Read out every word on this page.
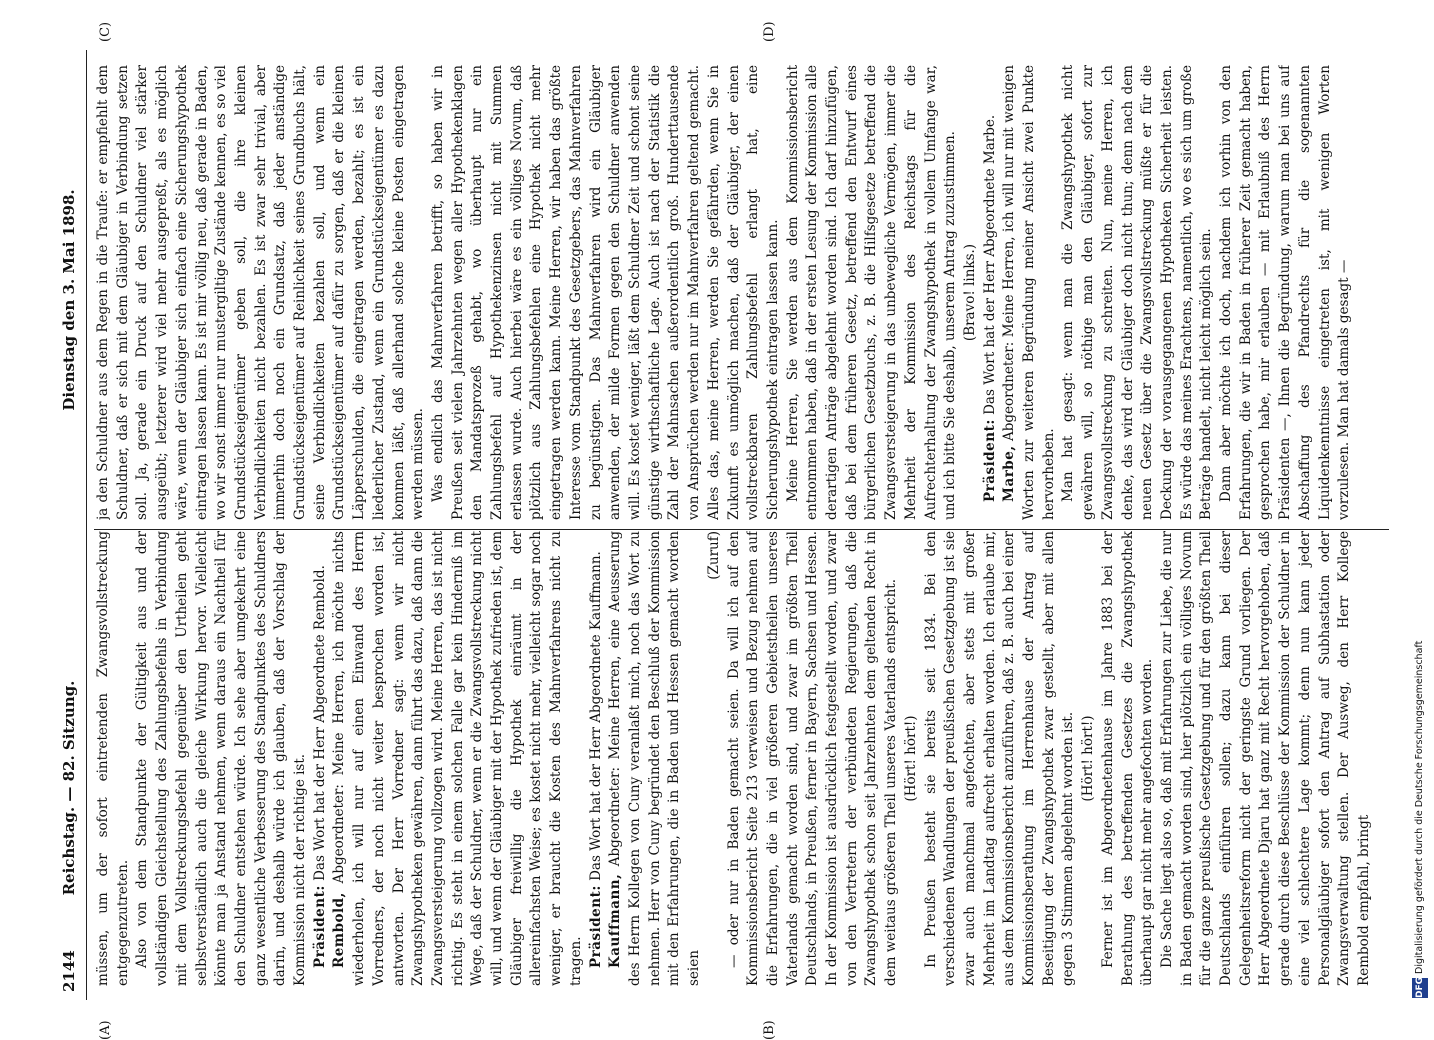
2144
Reichstag. — 82. Sitzung.
Dienstag den 3. Mai 1898.
(A)	(B)
(C)	(D)

müssen, um der sofort eintretenden Zwangsvollstreckung entgegenzutreten. Also von dem Standpunkte der Gültigkeit aus und der vollständigen Gleichstellung des Zahlungsbefehls in Verbindung mit dem Vollstreckungsbefehl gegenüber den Urtheilen geht selbstverständlich auch die gleiche Wirkung hervor. Vielleicht könnte man ja Anstand nehmen, wenn daraus ein Nachtheil für den Schuldner entstehen würde. Ich sehe aber umgekehrt eine ganz wesentliche Verbesserung des Standpunktes des Schuldners darin, und deshalb würde ich glauben, daß der Vorschlag der Kommission nicht der richtige ist. Präsident: Das Wort hat der Herr Abgeordnete Rembold.

Rembold, Abgeordneter: Meine Herren, ich möchte nichts wiederholen, ich will nur auf einen Einwand des Herrn Vorredners, der noch nicht weiter besprochen worden ist, antworten. Der Herr Vorredner sagt: wenn wir nicht Zwangshypotheken gewähren, dann führt das dazu, daß dann die Zwangsversteigerung vollzogen wird. Meine Herren, das ist nicht richtig. Es steht in einem solchen Falle gar kein Hinderniß im Wege, daß der Schuldner, wenn er die Zwangsvollstreckung nicht will, und wenn der Gläubiger mit der Hypothek zufrieden ist, dem Gläubiger freiwillig die Hypothek einräumt in der allereinfachsten Weise; es kostet nicht mehr, vielleicht sogar noch weniger, er braucht die Kosten des Mahnverfahrens nicht zu tragen. Präsident: Das Wort hat der Herr Abgeordnete Kauffmann.

Kauffmann, Abgeordneter: Meine Herren, eine Aeusserung des Herrn Kollegen von Cuny veranlaßt mich, noch das Wort zu nehmen. Herr von Cuny begründet den Beschluß der Kommission mit den Erfahrungen, die in Baden und Hessen gemacht worden seien

(Zuruf) — oder nur in Baden gemacht seien. Da will ich auf den Kommissionsbericht Seite 213 verweisen und Bezug nehmen auf die Erfahrungen, die in viel größeren Gebietstheilen unseres Vaterlands gemacht worden sind, und zwar im größten Theil Deutschlands, in Preußen, ferner in Bayern, Sachsen und Hessen. In der Kommission ist ausdrücklich festgestellt worden, und zwar von den Vertretern der verbündeten Regierungen, daß die Zwangshypothek schon seit Jahrzehnten dem geltenden Recht in dem weitaus größeren Theil unseres Vaterlands entspricht. (Hört! hört!) In Preußen besteht sie bereits seit 1834. Bei den verschiedenen Wandlungen der preußischen Gesetzgebung ist sie zwar auch manchmal angefochten, aber stets mit großer Mehrheit im Landtag aufrecht erhalten worden. Ich erlaube mir, aus dem Kommissionsbericht anzuführen, daß z. B. auch bei einer Kommissionsberathung im Herrenhause der Antrag auf Beseitigung der Zwangshypothek zwar gestellt, aber mit allen gegen 3 Stimmen abgelehnt worden ist. (Hört! hört!) Ferner ist im Abgeordnetenhause im Jahre 1883 bei der Berathung des betreffenden Gesetzes die Zwangshypothek überhaupt gar nicht mehr angefochten worden. Die Sache liegt also so, daß mit Erfahrungen zur Liebe, die nur in Baden gemacht worden sind, hier plötzlich ein völliges Novum für die ganze preußische Gesetzgebung und für den größten Theil Deutschlands einführen sollen; dazu kann bei dieser Gelegenheitsreform nicht der geringste Grund vorliegen. Der Herr Abgeordnete Djaru hat ganz mit Recht hervorgehoben, daß gerade durch diese Beschlüsse der Kommission der Schuldner in eine viel schlechtere Lage kommt; denn nun kann jeder Personalgläubiger sofort den Antrag auf Subhastation oder Zwangsverwaltung stellen. Der Ausweg, den Herr Kollege Rembold empfahl, bringt

ja den Schuldner aus dem Regen in die Traufe: er empfiehlt dem Schuldner, daß er sich mit dem Gläubiger in Verbindung setzen soll. Ja, gerade ein Druck auf den Schuldner viel stärker ausgeübt; letzterer wird viel mehr ausgepreßt, als es möglich wäre, wenn der Gläubiger sich einfach eine Sicherungshypothek eintragen lassen kann. Es ist mir völlig neu, daß gerade in Baden, wo wir sonst immer nur mustergiltige Zustände kennen, es so viel Grundstückseigentümer geben soll, die ihre kleinen Verbindlichkeiten nicht bezahlen. Es ist zwar sehr trivial, aber immerhin doch noch ein Grundsatz, daß jeder anständige Grundstückseigentümer auf Reinlichkeit seines Grundbuchs hält, seine Verbindlichkeiten bezahlen soll, und wenn ein Grundstückseigentümer auf dafür zu sorgen, daß er die kleinen Läpperschulden, die eingetragen werden, bezahlt; es ist ein liederlicher Zustand, wenn ein Grundstückseigentümer es dazu kommen läßt, daß allerhand solche kleine Posten eingetragen werden müssen. Was endlich das Mahnverfahren betrifft, so haben wir in Preußen seit vielen Jahrzehnten wegen aller Hypothekenklagen den Mandatsprozeß gehabt, wo überhaupt nur ein Zahlungsbefehl auf Hypothekenzinsen nicht mit Summen erlassen wurde. Auch hierbei wäre es ein völliges Novum, daß plötzlich aus Zahlungsbefehlen eine Hypothek nicht mehr eingetragen werden kann. Meine Herren, wir haben das größte Interesse vom Standpunkt des Gesetzgebers, das Mahnverfahren zu begünstigen. Das Mahnverfahren wird ein Gläubiger anwenden, der milde Formen gegen den Schuldner anwenden will. Es kostet weniger, läßt dem Schuldner Zeit und schont seine günstige wirthschaftliche Lage. Auch ist nach der Statistik die Zahl der Mahnsachen außerordentlich groß. Hunderttausende von Ansprüchen werden nur im Mahnverfahren geltend gemacht. Alles das, meine Herren, werden Sie gefährden, wenn Sie in Zukunft es unmöglich machen, daß der Gläubiger, der einen vollstreckbaren Zahlungsbefehl erlangt hat, eine Sicherungshypothek eintragen lassen kann. Meine Herren, Sie werden aus dem Kommissionsbericht entnommen haben, daß in der ersten Lesung der Kommission alle derartigen Anträge abgelehnt worden sind. Ich darf hinzufügen, daß bei dem früheren Gesetz, betreffend den Entwurf eines bürgerlichen Gesetzbuchs, z. B. die Hilfsgesetze betreffend die Zwangsversteigerung in das unbewegliche Vermögen, immer die Mehrheit der Kommission des Reichstags für die Aufrechterhaltung der Zwangshypothek in vollem Umfange war, und ich bitte Sie deshalb, unserem Antrag zuzustimmen. (Bravo! links.)

Präsident: Das Wort hat der Herr Abgeordnete Marbe.

Marbe, Abgeordneter: Meine Herren, ich will nur mit wenigen Worten zur weiteren Begründung meiner Ansicht zwei Punkte hervorheben. Man hat gesagt: wenn man die Zwangshypothek nicht gewähren will, so nöthige man den Gläubiger, sofort zur Zwangsvollstreckung zu schreiten. Nun, meine Herren, ich denke, das wird der Gläubiger doch nicht thun; denn nach dem neuen Gesetz über die Zwangsvollstreckung müßte er für die Deckung der vorausgegangenen Hypotheken Sicherheit leisten. Es würde das meines Erachtens, namentlich, wo es sich um große Beträge handelt, nicht leicht möglich sein. Dann aber möchte ich doch, nachdem ich vorhin von den Erfahrungen, die wir in Baden in früherer Zeit gemacht haben, gesprochen habe, mir erlauben — mit Erlaubniß des Herrn Präsidenten —, Ihnen die Begründung, warum man bei uns auf Abschaffung des Pfandrechts für die sogenannten Liquidenkenntnisse eingetreten ist, mit wenigen Worten vorzulesen. Man hat damals gesagt —

DFG
Digitalisierung gefördert durch die Deutsche Forschungsgemeinschaft
